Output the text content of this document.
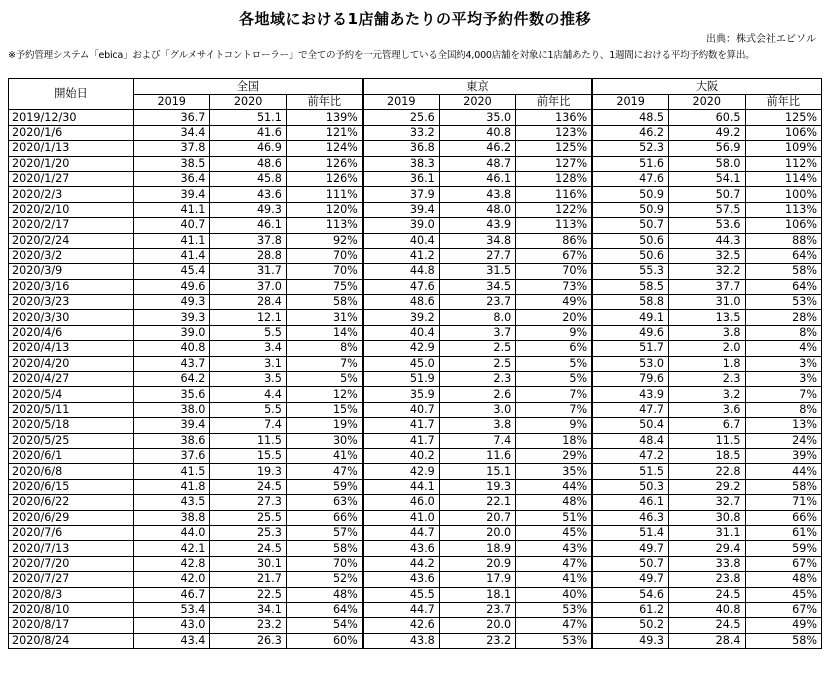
各地域における1店舗あたりの平均予約件数の推移
出典：株式会社エビソル
※予約管理システム「ebica」および「グルメサイトコントローラー」で全ての予約を一元管理している全国約4,000店舗を対象に1店舗あたり、1週間における平均予約数を算出。
開始日	全国			東京			大阪		
	2019	2020	前年比	2019	2020	前年比	2019	2020	前年比
2019/12/30	36.7	51.1	139%	25.6	35.0	136%	48.5	60.5	125%
2020/1/6	34.4	41.6	121%	33.2	40.8	123%	46.2	49.2	106%
2020/1/13	37.8	46.9	124%	36.8	46.2	125%	52.3	56.9	109%
2020/1/20	38.5	48.6	126%	38.3	48.7	127%	51.6	58.0	112%
2020/1/27	36.4	45.8	126%	36.1	46.1	128%	47.6	54.1	114%
2020/2/3	39.4	43.6	111%	37.9	43.8	116%	50.9	50.7	100%
2020/2/10	41.1	49.3	120%	39.4	48.0	122%	50.9	57.5	113%
2020/2/17	40.7	46.1	113%	39.0	43.9	113%	50.7	53.6	106%
2020/2/24	41.1	37.8	92%	40.4	34.8	86%	50.6	44.3	88%
2020/3/2	41.4	28.8	70%	41.2	27.7	67%	50.6	32.5	64%
2020/3/9	45.4	31.7	70%	44.8	31.5	70%	55.3	32.2	58%
2020/3/16	49.6	37.0	75%	47.6	34.5	73%	58.5	37.7	64%
2020/3/23	49.3	28.4	58%	48.6	23.7	49%	58.8	31.0	53%
2020/3/30	39.3	12.1	31%	39.2	8.0	20%	49.1	13.5	28%
2020/4/6	39.0	5.5	14%	40.4	3.7	9%	49.6	3.8	8%
2020/4/13	40.8	3.4	8%	42.9	2.5	6%	51.7	2.0	4%
2020/4/20	43.7	3.1	7%	45.0	2.5	5%	53.0	1.8	3%
2020/4/27	64.2	3.5	5%	51.9	2.3	5%	79.6	2.3	3%
2020/5/4	35.6	4.4	12%	35.9	2.6	7%	43.9	3.2	7%
2020/5/11	38.0	5.5	15%	40.7	3.0	7%	47.7	3.6	8%
2020/5/18	39.4	7.4	19%	41.7	3.8	9%	50.4	6.7	13%
2020/5/25	38.6	11.5	30%	41.7	7.4	18%	48.4	11.5	24%
2020/6/1	37.6	15.5	41%	40.2	11.6	29%	47.2	18.5	39%
2020/6/8	41.5	19.3	47%	42.9	15.1	35%	51.5	22.8	44%
2020/6/15	41.8	24.5	59%	44.1	19.3	44%	50.3	29.2	58%
2020/6/22	43.5	27.3	63%	46.0	22.1	48%	46.1	32.7	71%
2020/6/29	38.8	25.5	66%	41.0	20.7	51%	46.3	30.8	66%
2020/7/6	44.0	25.3	57%	44.7	20.0	45%	51.4	31.1	61%
2020/7/13	42.1	24.5	58%	43.6	18.9	43%	49.7	29.4	59%
2020/7/20	42.8	30.1	70%	44.2	20.9	47%	50.7	33.8	67%
2020/7/27	42.0	21.7	52%	43.6	17.9	41%	49.7	23.8	48%
2020/8/3	46.7	22.5	48%	45.5	18.1	40%	54.6	24.5	45%
2020/8/10	53.4	34.1	64%	44.7	23.7	53%	61.2	40.8	67%
2020/8/17	43.0	23.2	54%	42.6	20.0	47%	50.2	24.5	49%
2020/8/24	43.4	26.3	60%	43.8	23.2	53%	49.3	28.4	58%
